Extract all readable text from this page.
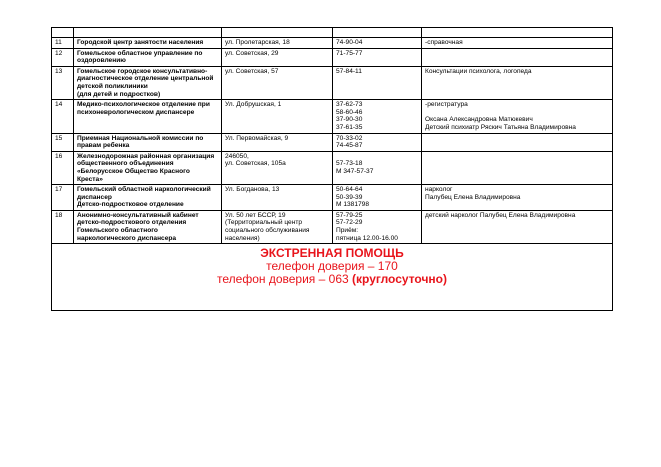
11	Городской центр занятости населения	ул. Пролетарская, 18	74-90-04	-справочная

12	Гомельское областное управление по
оздоровлению	ул. Советская, 29	71-75-77	

13	Гомельское городское консультативно-
диагностическое отделение центральной
детской поликлиники
(для детей и подростков)	ул. Советская, 57	57-84-11	Консультации психолога, логопеда

14	Медико-психологическое отделение при
психоневрологическом диспансере	Ул. Добрушская, 1	37-62-73
58-60-46
37-90-30
37-61-35	-регистратура

Оксана Александровна Матюкевич
Детский психиатр Ряскич Татьяна Владимировна

15	Приемная Национальной комиссии по
правам ребенка	Ул. Первомайская, 9	70-33-02
74-45-87	

16	Железнодорожная районная организация
общественного объединения
«Белорусское Общество Красного
Креста»	246050,
ул. Советская, 105а	57-73-18
М 347-57-37	

17	Гомельский областной наркологический
диспансер
Детско-подростковое отделение	Ул. Богданова, 13	50-64-64
50-39-39
М 1381798	нарколог
Палубец Елена Владимировна

18	Анонимно-консультативный кабинет
детско-подросткового отделения
Гомельского областного
наркологического диспансера	Ул. 50 лет БССР, 19
(Территориальный центр
социального обслуживания
населения)	57-79-25
57-72-29
Приём:
пятница 12.00-16.00	детский нарколог Палубец Елена Владимировна

ЭКСТРЕННАЯ ПОМОЩЬ
телефон доверия – 170
телефон доверия – 063 (круглосуточно)				
